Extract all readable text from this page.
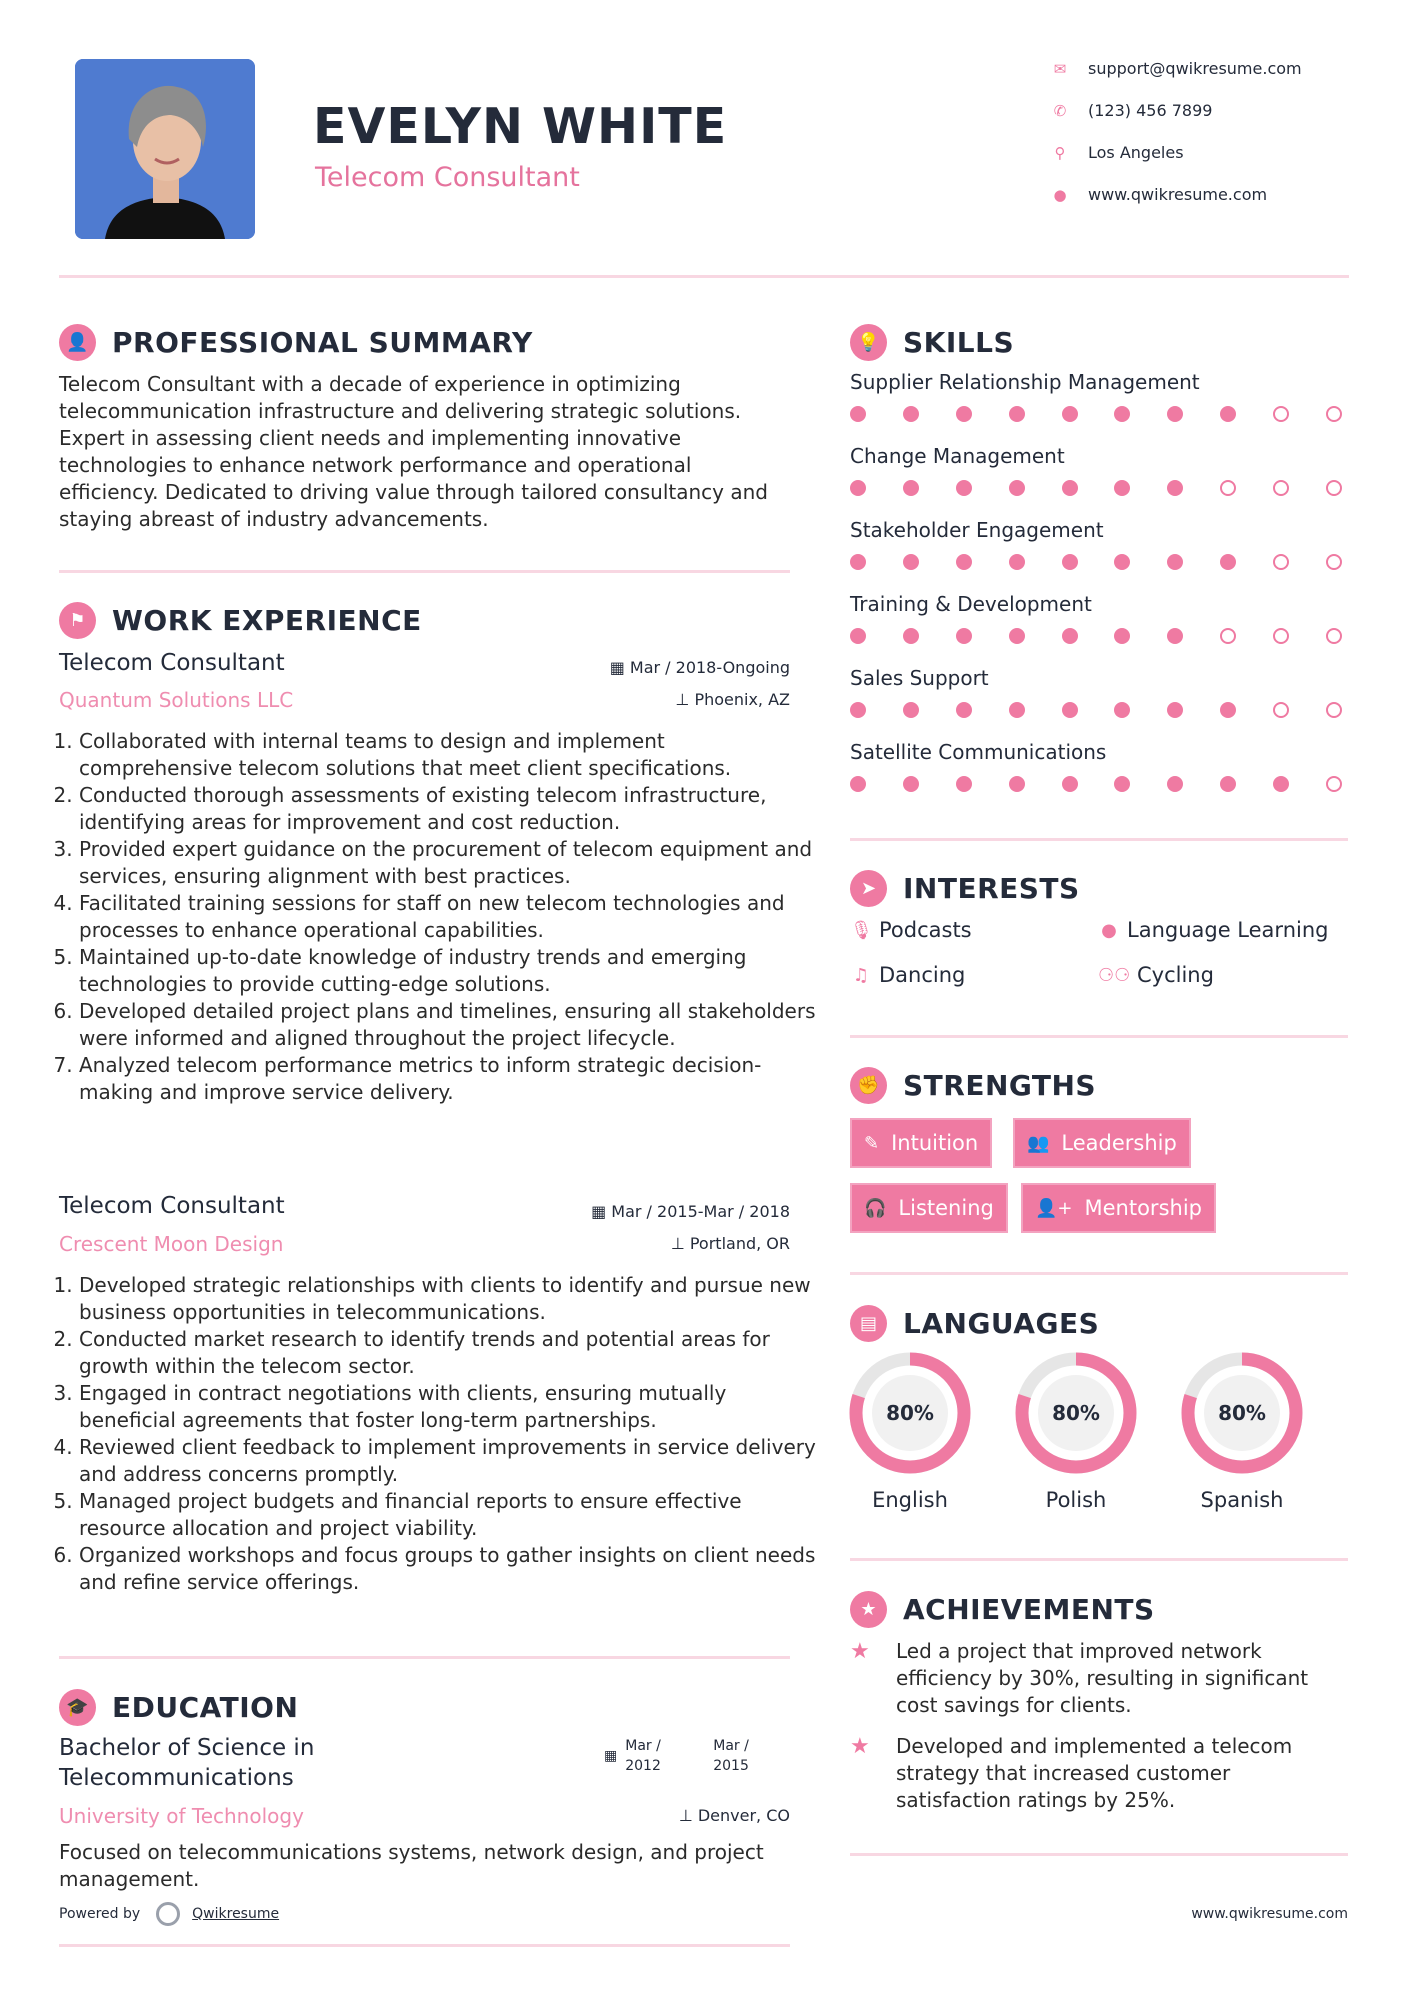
EVELYN WHITE
Telecom Consultant
✉ support@qwikresume.com
✆ (123) 456 7899
⚲ Los Angeles
● www.qwikresume.com
👤 PROFESSIONAL SUMMARY
Telecom Consultant with a decade of experience in optimizing telecommunication infrastructure and delivering strategic solutions. Expert in assessing client needs and implementing innovative technologies to enhance network performance and operational efficiency. Dedicated to driving value through tailored consultancy and staying abreast of industry advancements.
⚑ WORK EXPERIENCE
Telecom Consultant
Quantum Solutions LLC
▦ Mar / 2018-Ongoing
⊥ Phoenix, AZ
1. Collaborated with internal teams to design and implement comprehensive telecom solutions that meet client specifications.
2. Conducted thorough assessments of existing telecom infrastructure, identifying areas for improvement and cost reduction.
3. Provided expert guidance on the procurement of telecom equipment and services, ensuring alignment with best practices.
4. Facilitated training sessions for staff on new telecom technologies and processes to enhance operational capabilities.
5. Maintained up-to-date knowledge of industry trends and emerging technologies to provide cutting-edge solutions.
6. Developed detailed project plans and timelines, ensuring all stakeholders were informed and aligned throughout the project lifecycle.
7. Analyzed telecom performance metrics to inform strategic decision-making and improve service delivery.
Telecom Consultant
Crescent Moon Design
▦ Mar / 2015-Mar / 2018
⊥ Portland, OR
1. Developed strategic relationships with clients to identify and pursue new business opportunities in telecommunications.
2. Conducted market research to identify trends and potential areas for growth within the telecom sector.
3. Engaged in contract negotiations with clients, ensuring mutually beneficial agreements that foster long-term partnerships.
4. Reviewed client feedback to implement improvements in service delivery and address concerns promptly.
5. Managed project budgets and financial reports to ensure effective resource allocation and project viability.
6. Organized workshops and focus groups to gather insights on client needs and refine service offerings.
🎓 EDUCATION
Bachelor of Science in
Telecommunications
University of Technology
▦
Mar / 2012
Mar / 2015
⊥ Denver, CO
Focused on telecommunications systems, network design, and project management.
Powered by	Qwikresume	www.qwikresume.com
💡 SKILLS
Supplier Relationship Management
Change Management
Stakeholder Engagement
Training & Development
Sales Support
Satellite Communications
➤ INTERESTS
🎙 Podcasts	● Language Learning
♫ Dancing	⚆⚆ Cycling
✊ STRENGTHS
✎ Intuition	👥 Leadership
🎧 Listening 👤+ Mentorship
▤ LANGUAGES
80%
English
80%
Polish
80%
Spanish
★ ACHIEVEMENTS
★	Led a project that improved network efficiency by 30%, resulting in significant cost savings for clients.
★	Developed and implemented a telecom strategy that increased customer satisfaction ratings by 25%.
